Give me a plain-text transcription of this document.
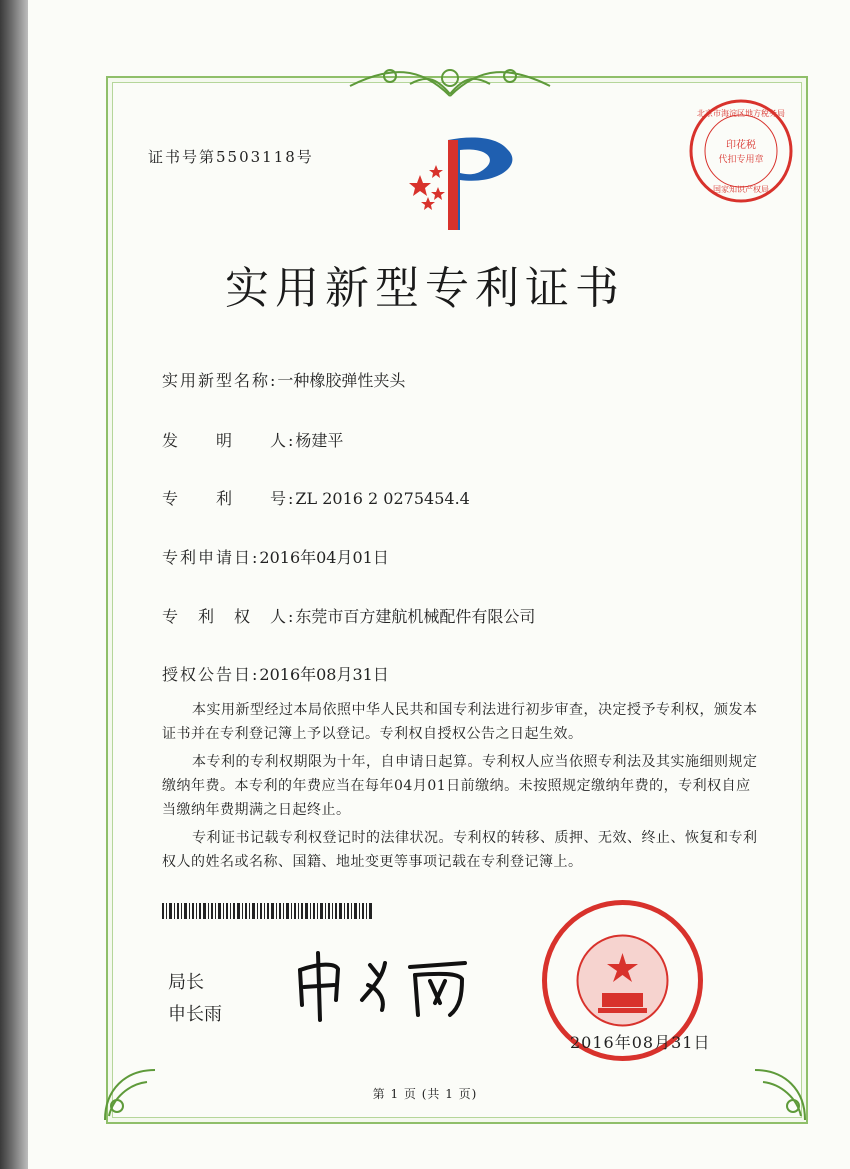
证书号第5503118号
印花税
代扣专用章
北京市海淀区地方税务局
国家知识产权局
实用新型专利证书
实用新型名称:一种橡胶弹性夹头
发　　明　　人:杨建平
专　　利　　号:ZL 2016 2 0275454.4
专利申请日:2016年04月01日
专　利　权　人:东莞市百方建航机械配件有限公司
授权公告日:2016年08月31日

本实用新型经过本局依照中华人民共和国专利法进行初步审查，决定授予专利权，颁发本证书并在专利登记簿上予以登记。专利权自授权公告之日起生效。

本专利的专利权期限为十年，自申请日起算。专利权人应当依照专利法及其实施细则规定缴纳年费。本专利的年费应当在每年04月01日前缴纳。未按照规定缴纳年费的，专利权自应当缴纳年费期满之日起终止。

专利证书记载专利权登记时的法律状况。专利权的转移、质押、无效、终止、恢复和专利权人的姓名或名称、国籍、地址变更等事项记载在专利登记簿上。

局长
申长雨
2016年08月31日
第 1 页 (共 1 页)
